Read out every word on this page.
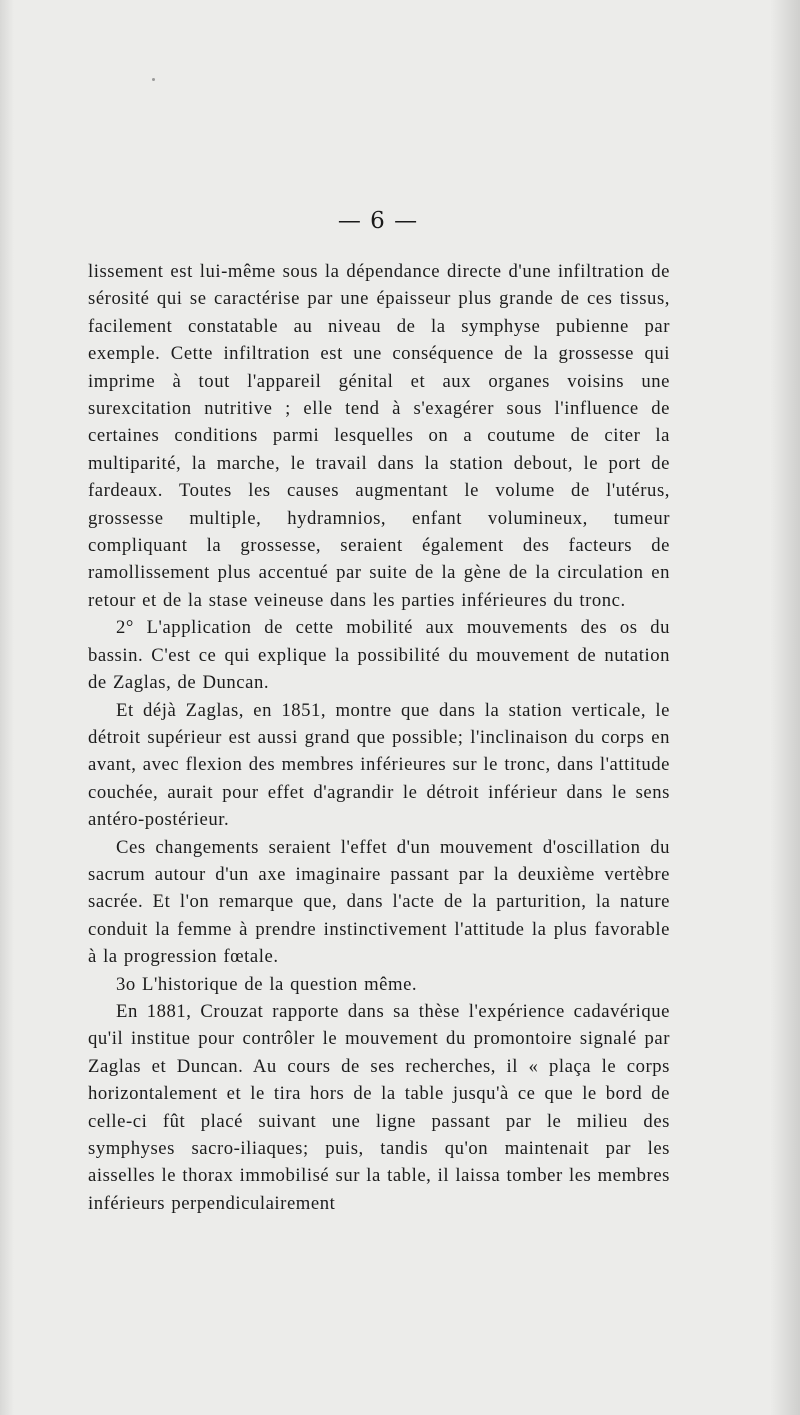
— 6 —

lissement est lui-même sous la dépendance directe d'une infiltration de sérosité qui se caractérise par une épaisseur plus grande de ces tissus, facilement constatable au niveau de la symphyse pubienne par exemple. Cette infiltration est une conséquence de la grossesse qui imprime à tout l'appareil génital et aux organes voisins une surexcitation nutritive ; elle tend à s'exagérer sous l'influence de certaines conditions parmi lesquelles on a coutume de citer la multiparité, la marche, le travail dans la station debout, le port de fardeaux. Toutes les causes augmentant le volume de l'utérus, grossesse multiple, hydramnios, enfant volumineux, tumeur compliquant la grossesse, seraient également des facteurs de ramollissement plus accentué par suite de la gène de la circulation en retour et de la stase veineuse dans les parties inférieures du tronc.

2° L'application de cette mobilité aux mouvements des os du bassin. C'est ce qui explique la possibilité du mouvement de nutation de Zaglas, de Duncan.

Et déjà Zaglas, en 1851, montre que dans la station verticale, le détroit supérieur est aussi grand que possible; l'inclinaison du corps en avant, avec flexion des membres inférieures sur le tronc, dans l'attitude couchée, aurait pour effet d'agrandir le détroit inférieur dans le sens antéro-postérieur.

Ces changements seraient l'effet d'un mouvement d'oscillation du sacrum autour d'un axe imaginaire passant par la deuxième vertèbre sacrée. Et l'on remarque que, dans l'acte de la parturition, la nature conduit la femme à prendre instinctivement l'attitude la plus favorable à la progression fœtale.

3o L'historique de la question même.

En 1881, Crouzat rapporte dans sa thèse l'expérience cadavérique qu'il institue pour contrôler le mouvement du promontoire signalé par Zaglas et Duncan. Au cours de ses recherches, il « plaça le corps horizontalement et le tira hors de la table jusqu'à ce que le bord de celle-ci fût placé suivant une ligne passant par le milieu des symphyses sacro-iliaques; puis, tandis qu'on maintenait par les aisselles le thorax immobilisé sur la table, il laissa tomber les membres inférieurs perpendiculairement
